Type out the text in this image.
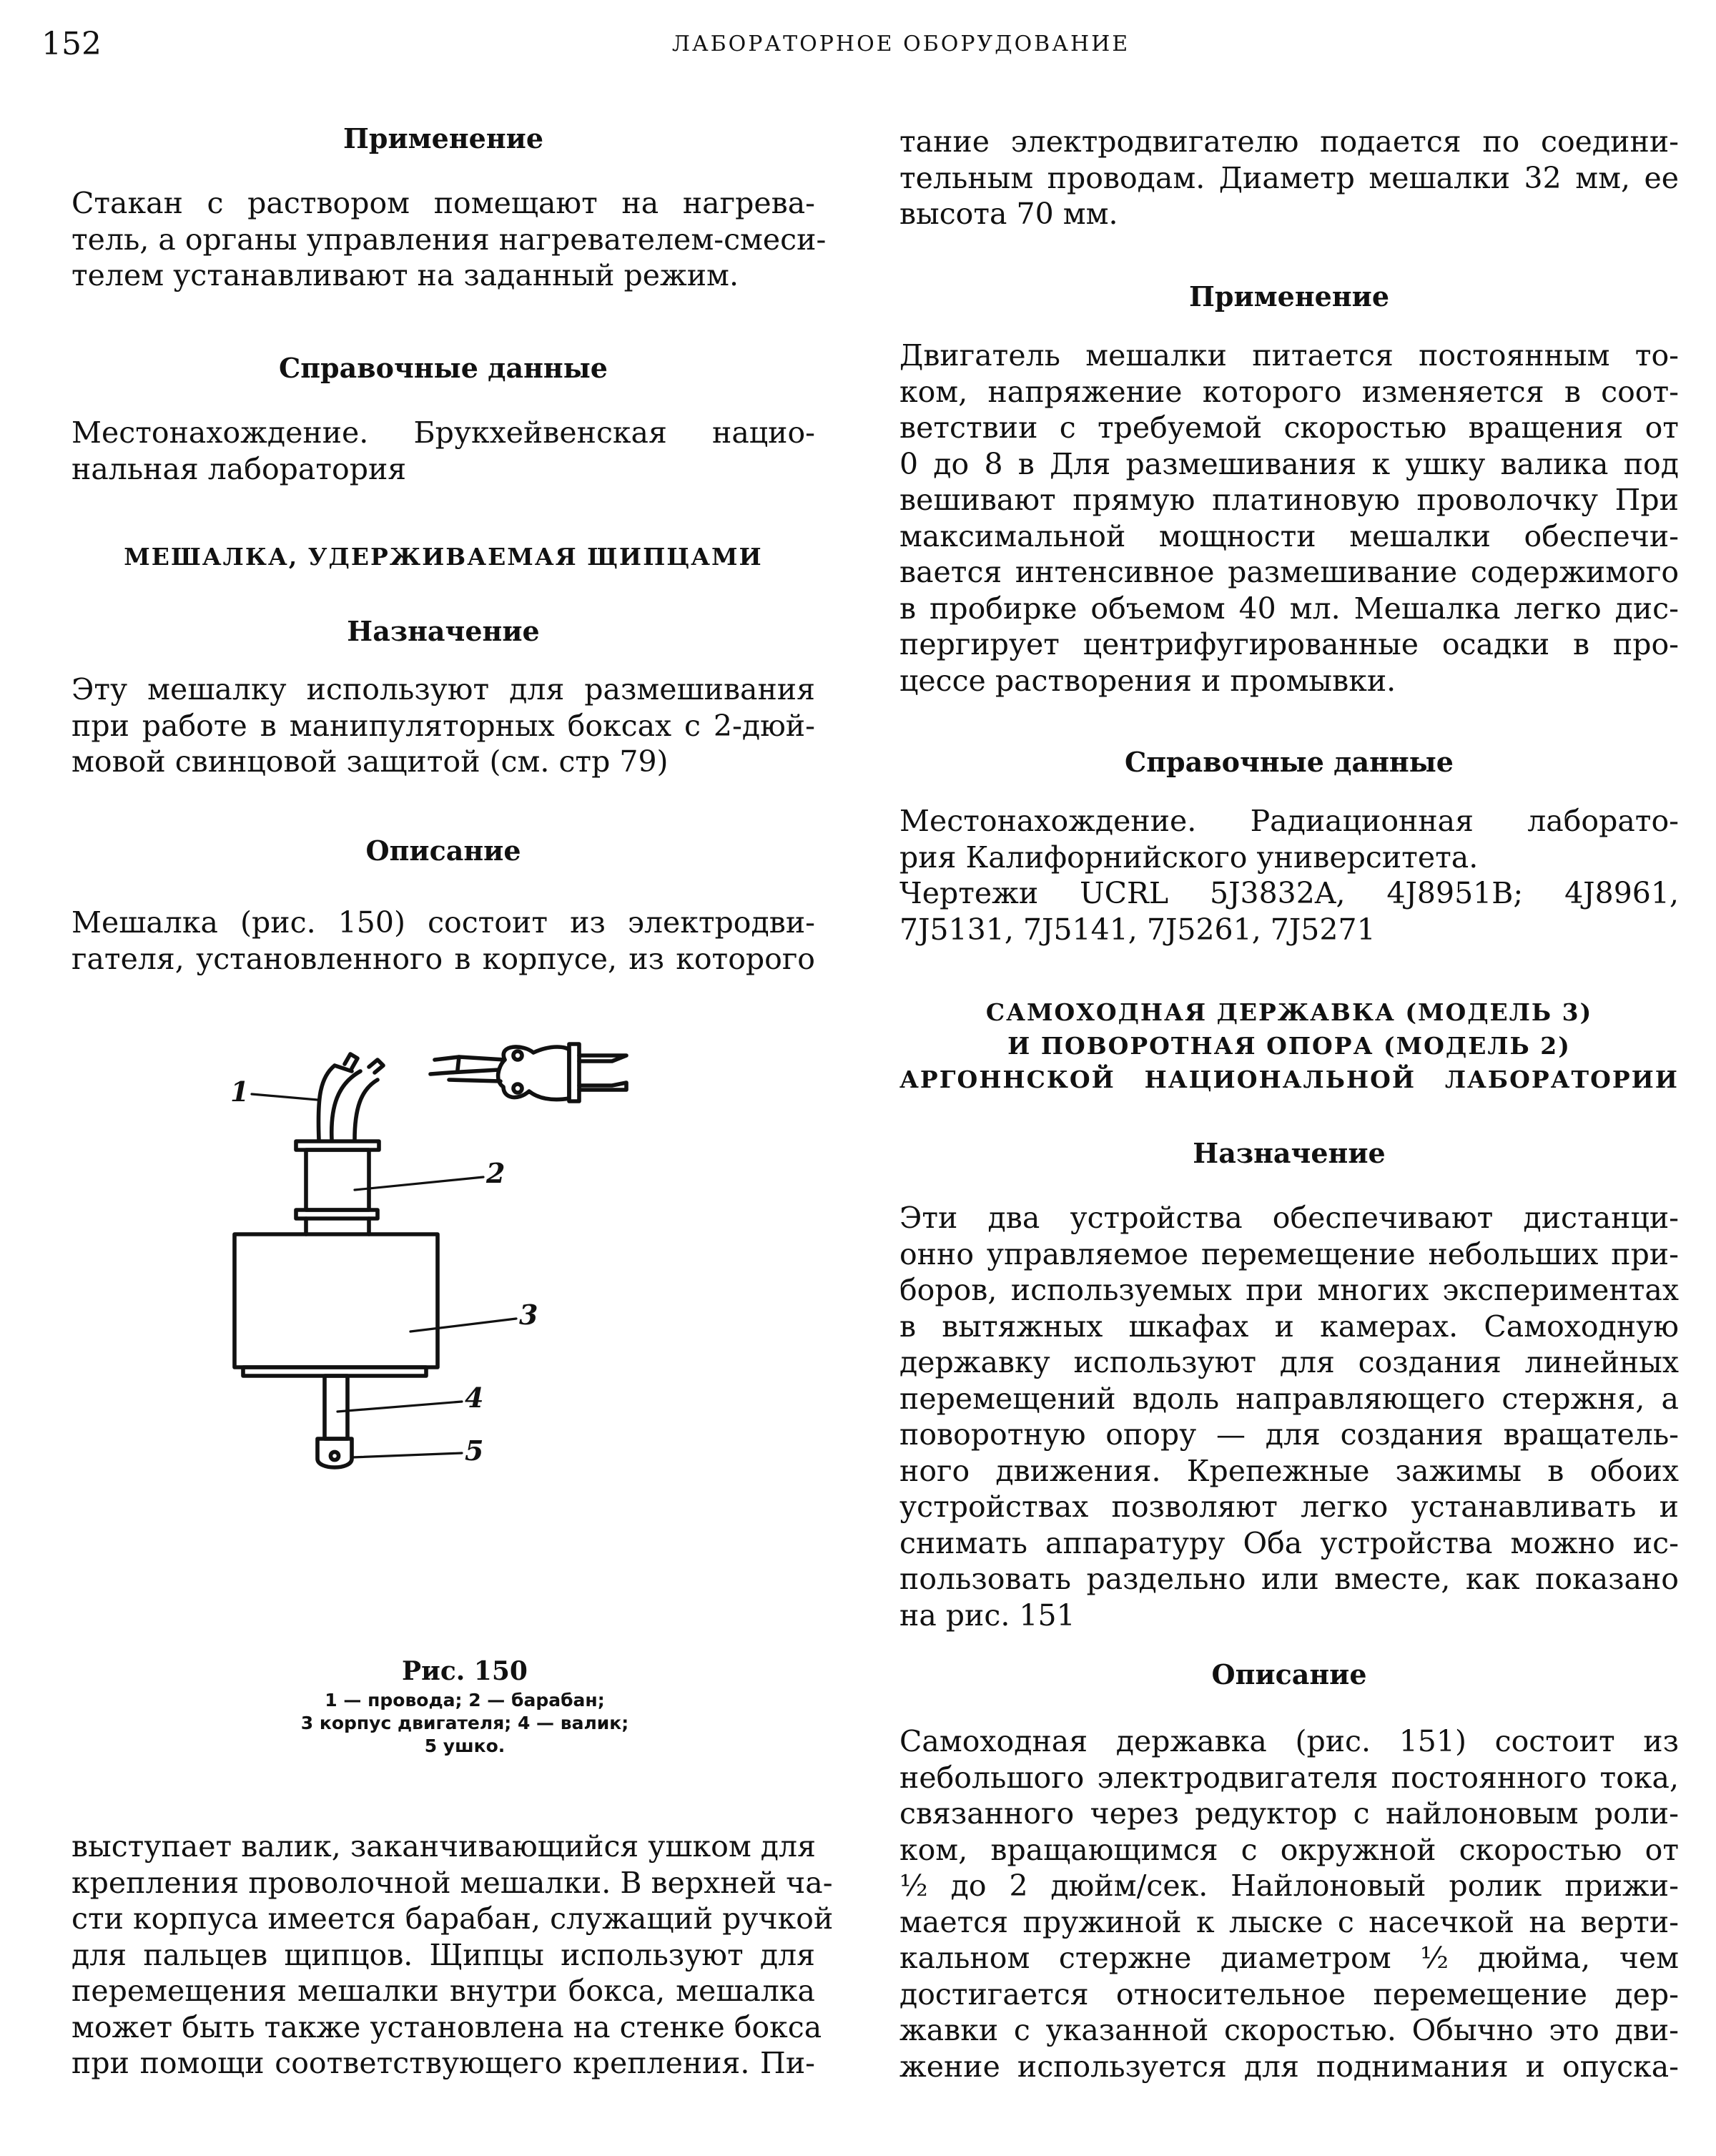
152	ЛАБОРАТОРНОЕ ОБОРУДОВАНИЕ
Применение
Стакан с раствором помещают на нагрева-
тель, а органы управления нагревателем-смеси-
телем устанавливают на заданный режим.
Справочные данные
Местонахождение. Брукхейвенская нацио-
нальная лаборатория
МЕШАЛКА, УДЕРЖИВАЕМАЯ ЩИПЦАМИ
Назначение
Эту мешалку используют для размешивания
при работе в манипуляторных боксах с 2-дюй-
мовой свинцовой защитой (см. стр 79)
Описание
Мешалка (рис. 150) состоит из электродви-
гателя, установленного в корпусе, из которого
1
2
3
4
5
Рис. 150
1 — провода; 2 — барабан;
3 корпус двигателя; 4 — валик;
5 ушко.
выступает валик, заканчивающийся ушком для
крепления проволочной мешалки. В верхней ча-
сти корпуса имеется барабан, служащий ручкой
для пальцев щипцов. Щипцы используют для
перемещения мешалки внутри бокса, мешалка
может быть также установлена на стенке бокса
при помощи соответствующего крепления. Пи-
тание электродвигателю подается по соедини-
тельным проводам. Диаметр мешалки 32 мм, ее
высота 70 мм.
Применение
Двигатель мешалки питается постоянным то-
ком, напряжение которого изменяется в соот-
ветствии с требуемой скоростью вращения от
0 до 8 в Для размешивания к ушку валика под
вешивают прямую платиновую проволочку При
максимальной мощности мешалки обеспечи-
вается интенсивное размешивание содержимого
в пробирке объемом 40 мл. Мешалка легко дис-
пергирует центрифугированные осадки в про-
цессе растворения и промывки.
Справочные данные
Местонахождение. Радиационная лаборато-
рия Калифорнийского университета.
Чертежи UCRL 5J3832A, 4J8951B; 4J8961,
7J5131, 7J5141, 7J5261, 7J5271
САМОХОДНАЯ ДЕРЖАВКА (МОДЕЛЬ 3)
И ПОВОРОТНАЯ ОПОРА (МОДЕЛЬ 2)
АРГОННСКОЙ НАЦИОНАЛЬНОЙ ЛАБОРАТОРИИ
Назначение
Эти два устройства обеспечивают дистанци-
онно управляемое перемещение небольших при-
боров, используемых при многих экспериментах
в вытяжных шкафах и камерах. Самоходную
державку используют для создания линейных
перемещений вдоль направляющего стержня, а
поворотную опору — для создания вращатель-
ного движения. Крепежные зажимы в обоих
устройствах позволяют легко устанавливать и
снимать аппаратуру Оба устройства можно ис-
пользовать раздельно или вместе, как показано
на рис. 151
Описание
Самоходная державка (рис. 151) состоит из
небольшого электродвигателя постоянного тока,
связанного через редуктор с найлоновым роли-
ком, вращающимся с окружной скоростью от
½ до 2 дюйм/сек. Найлоновый ролик прижи-
мается пружиной к лыске с насечкой на верти-
кальном стержне диаметром ½ дюйма, чем
достигается относительное перемещение дер-
жавки с указанной скоростью. Обычно это дви-
жение используется для поднимания и опуска-
